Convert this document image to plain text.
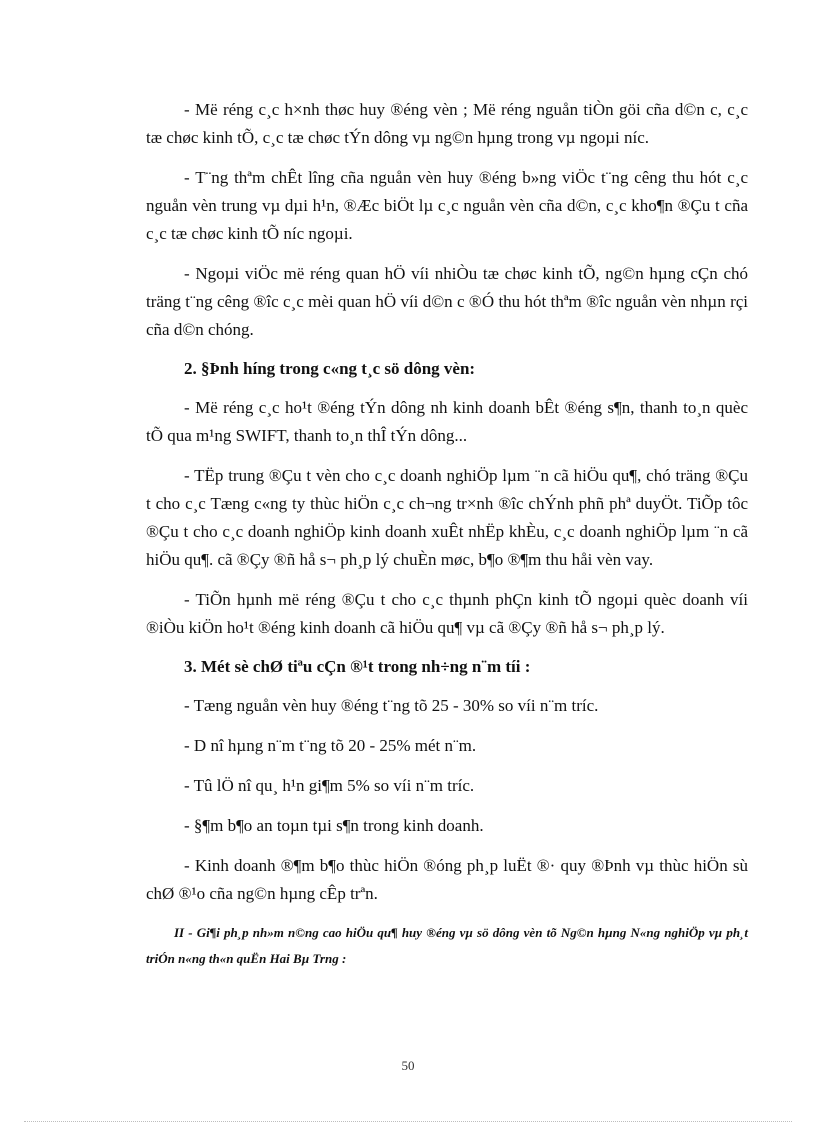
- Më réng c¸c h×nh thøc huy ®éng vèn ; Më réng nguån tiÒn göi cña d©n c, c¸c tæ chøc kinh tÕ, c¸c tæ chøc tÝn dông vµ ng©n hµng trong vµ ngoµi níc.

- T¨ng thªm chÊt lîng cña nguån vèn huy ®éng b»ng viÖc t¨ng cêng thu hót c¸c nguån vèn trung vµ dµi h¹n, ®Æc biÖt lµ c¸c nguån vèn cña d©n, c¸c kho¶n ®Çu t cña c¸c tæ chøc kinh tÕ níc ngoµi.

- Ngoµi viÖc më réng quan hÖ víi nhiÒu tæ chøc kinh tÕ, ng©n hµng cÇn chó träng t¨ng cêng ®îc c¸c mèi quan hÖ víi d©n c ®Ó thu hót thªm ®îc nguån vèn nhµn rçi cña d©n chóng.

2. §Þnh híng trong c«ng t¸c sö dông vèn:

- Më réng c¸c ho¹t ®éng tÝn dông nh kinh doanh bÊt ®éng s¶n, thanh to¸n quèc tÕ qua m¹ng SWIFT, thanh to¸n thÎ tÝn dông...

- TËp trung ®Çu t vèn cho c¸c doanh nghiÖp lµm ¨n cã hiÖu qu¶, chó träng ®Çu t cho c¸c Tæng c«ng ty thùc hiÖn c¸c ch¬ng tr×nh ®îc chÝnh phñ phª duyÖt. TiÕp tôc ®Çu t cho c¸c doanh nghiÖp kinh doanh xuÊt nhËp khÈu, c¸c doanh nghiÖp lµm ¨n cã hiÖu qu¶. cã ®Çy ®ñ hå s¬ ph¸p lý chuÈn møc, b¶o ®¶m thu håi vèn vay.

- TiÕn hµnh më réng ®Çu t cho c¸c thµnh phÇn kinh tÕ ngoµi quèc doanh víi ®iÒu kiÖn ho¹t ®éng kinh doanh cã hiÖu qu¶ vµ cã ®Çy ®ñ hå s¬ ph¸p lý.

3. Mét sè chØ tiªu cÇn ®¹t trong nh÷ng n¨m tíi :

- Tæng nguån vèn huy ®éng t¨ng tõ 25 - 30% so víi n¨m tríc.

- D nî hµng n¨m t¨ng tõ 20 - 25% mét n¨m.

- Tû lÖ nî qu¸ h¹n gi¶m 5% so víi n¨m tríc.

- §¶m b¶o an toµn tµi s¶n trong kinh doanh.

- Kinh doanh ®¶m b¶o thùc hiÖn ®óng ph¸p luËt ®· quy ®Þnh vµ thùc hiÖn sù chØ ®¹o cña ng©n hµng cÊp trªn.

II - Gi¶i ph¸p nh»m n©ng cao hiÖu qu¶ huy ®éng vµ sö dông vèn tõ Ng©n hµng N«ng nghiÖp vµ ph¸t triÓn n«ng th«n quËn Hai Bµ Trng :

50
